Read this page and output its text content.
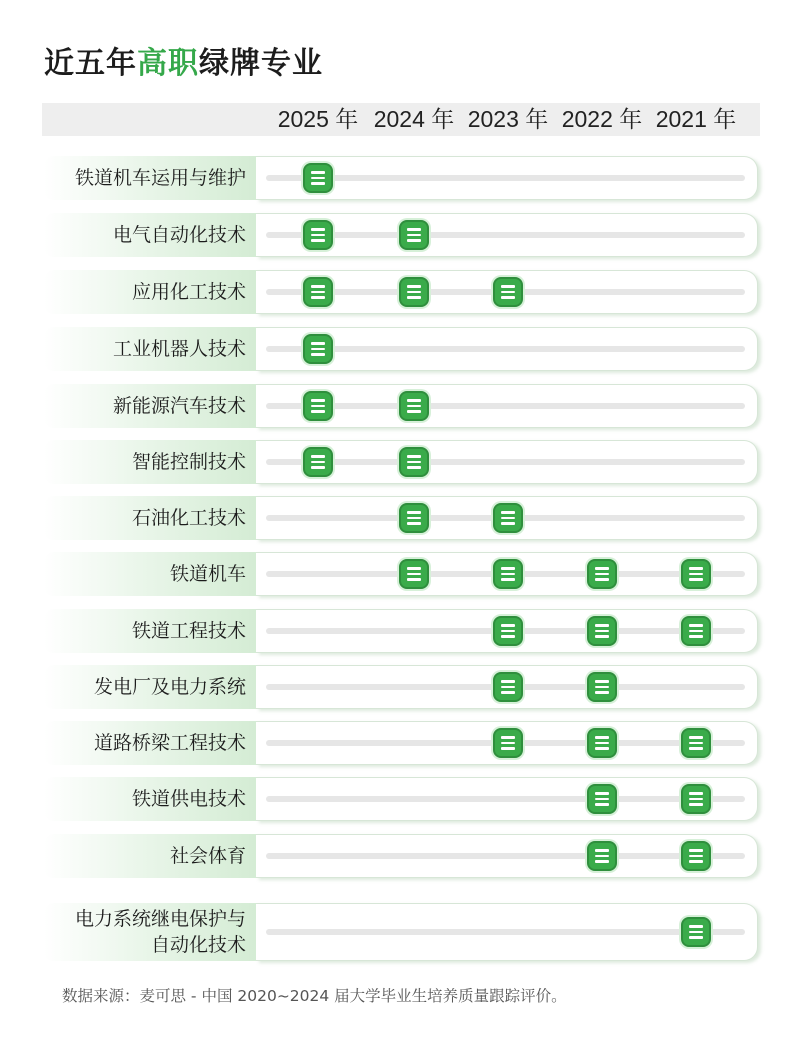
近五年高职绿牌专业
2025 年 2024 年 2023 年 2022 年 2021 年
铁道机车运用与维护
电气自动化技术
应用化工技术
工业机器人技术
新能源汽车技术
智能控制技术
石油化工技术
铁道机车
铁道工程技术
发电厂及电力系统
道路桥梁工程技术
铁道供电技术
社会体育
电力系统继电保护与
自动化技术
数据来源：麦可思 - 中国 2020~2024 届大学毕业生培养质量跟踪评价。
